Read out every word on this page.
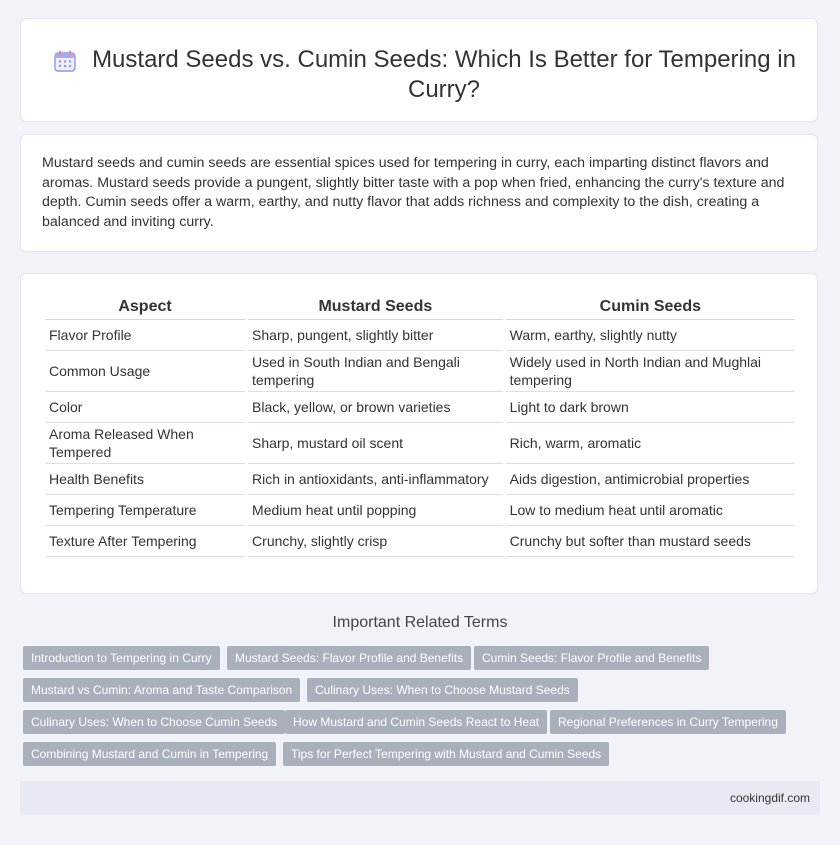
Mustard Seeds vs. Cumin Seeds: Which Is Better for Tempering in Curry?

Mustard seeds and cumin seeds are essential spices used for tempering in curry, each imparting distinct flavors and aromas. Mustard seeds provide a pungent, slightly bitter taste with a pop when fried, enhancing the curry's texture and depth. Cumin seeds offer a warm, earthy, and nutty flavor that adds richness and complexity to the dish, creating a balanced and inviting curry.

Aspect	Mustard Seeds	Cumin Seeds
Flavor Profile	Sharp, pungent, slightly bitter	Warm, earthy, slightly nutty
Common Usage	Used in South Indian and Bengali tempering	Widely used in North Indian and Mughlai tempering
Color	Black, yellow, or brown varieties	Light to dark brown
Aroma Released When Tempered	Sharp, mustard oil scent	Rich, warm, aromatic
Health Benefits	Rich in antioxidants, anti-inflammatory	Aids digestion, antimicrobial properties
Tempering Temperature	Medium heat until popping	Low to medium heat until aromatic
Texture After Tempering	Crunchy, slightly crisp	Crunchy but softer than mustard seeds
Important Related Terms
Introduction to Tempering in Curry	Mustard Seeds: Flavor Profile and Benefits	Cumin Seeds: Flavor Profile and Benefits
Mustard vs Cumin: Aroma and Taste Comparison	Culinary Uses: When to Choose Mustard Seeds
Culinary Uses: When to Choose Cumin Seeds	How Mustard and Cumin Seeds React to Heat	Regional Preferences in Curry Tempering
Combining Mustard and Cumin in Tempering	Tips for Perfect Tempering with Mustard and Cumin Seeds
cookingdif.com
